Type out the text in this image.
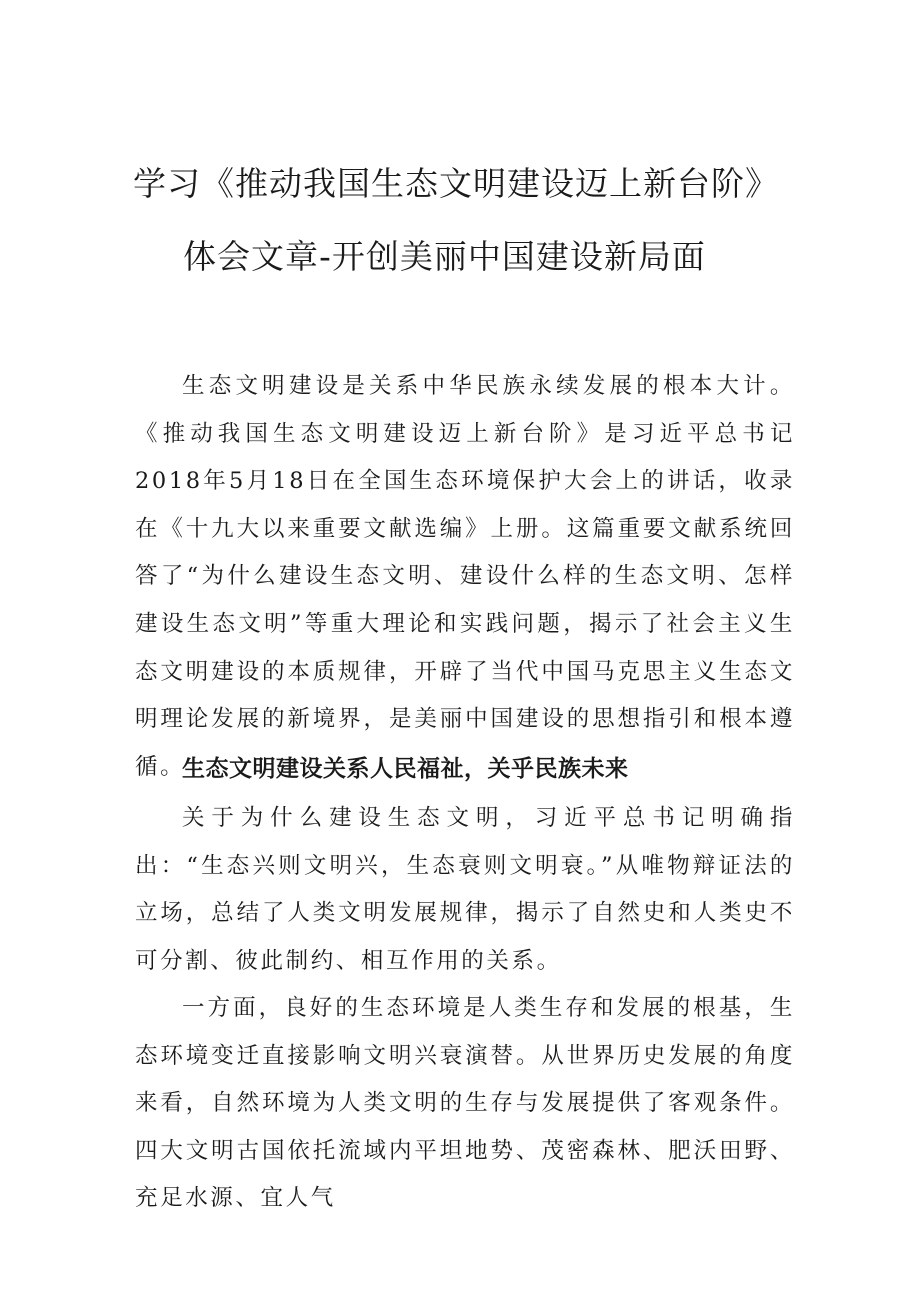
学习《推动我国生态文明建设迈上新台阶》
体会文章-开创美丽中国建设新局面

生态文明建设是关系中华民族永续发展的根本大计。《推动我国生态文明建设迈上新台阶》是习近平总书记2018年5月18日在全国生态环境保护大会上的讲话，收录在《十九大以来重要文献选编》上册。这篇重要文献系统回答了“为什么建设生态文明、建设什么样的生态文明、怎样建设生态文明”等重大理论和实践问题，揭示了社会主义生态文明建设的本质规律，开辟了当代中国马克思主义生态文明理论发展的新境界，是美丽中国建设的思想指引和根本遵循。

生态文明建设关系人民福祉，关乎民族未来

关于为什么建设生态文明，习近平总书记明确指出：“生态兴则文明兴，生态衰则文明衰。”从唯物辩证法的立场，总结了人类文明发展规律，揭示了自然史和人类史不可分割、彼此制约、相互作用的关系。

一方面，良好的生态环境是人类生存和发展的根基，生态环境变迁直接影响文明兴衰演替。从世界历史发展的角度来看，自然环境为人类文明的生存与发展提供了客观条件。四大文明古国依托流域内平坦地势、茂密森林、肥沃田野、充足水源、宜人气
